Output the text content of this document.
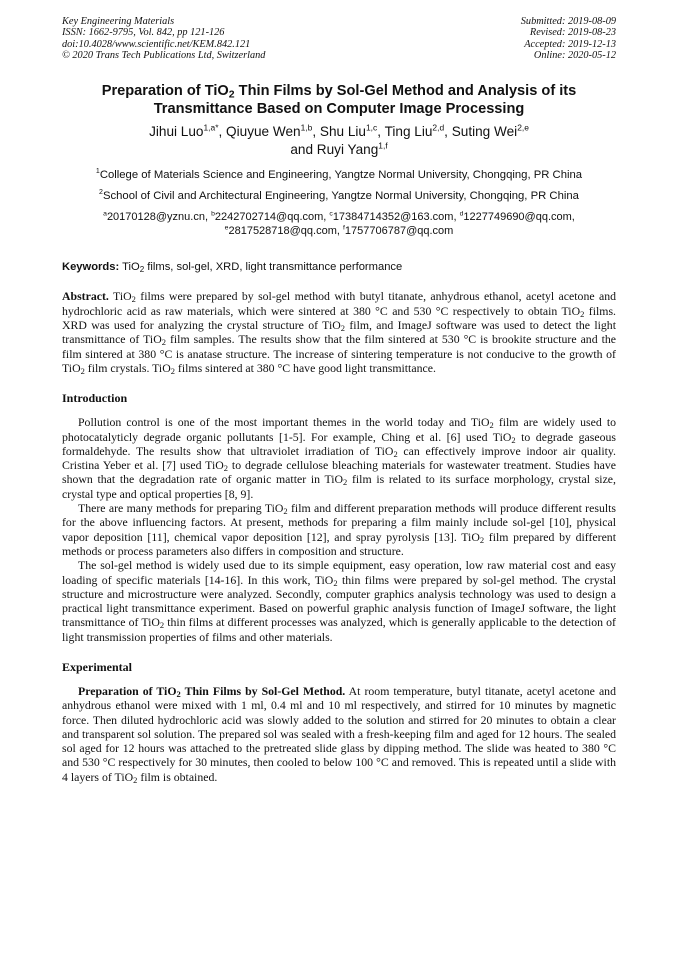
Key Engineering Materials
ISSN: 1662-9795, Vol. 842, pp 121-126
doi:10.4028/www.scientific.net/KEM.842.121
© 2020 Trans Tech Publications Ltd, Switzerland
Submitted: 2019-08-09
Revised: 2019-08-23
Accepted: 2019-12-13
Online: 2020-05-12
Preparation of TiO$_2$ Thin Films by Sol-Gel Method and Analysis of its
Transmittance Based on Computer Image Processing
Jihui Luo$^{1,a*}$, Qiuyue Wen$^{1,b}$, Shu Liu$^{1,c}$, Ting Liu$^{2,d}$, Suting Wei$^{2,e}$
and Ruyi Yang$^{1,f}$
$^1$College of Materials Science and Engineering, Yangtze Normal University, Chongqing, PR China
$^2$School of Civil and Architectural Engineering, Yangtze Normal University, Chongqing, PR China
$^a$20170128@yznu.cn, $^b$2242702714@qq.com, $^c$17384714352@163.com, $^d$1227749690@qq.com,
$^e$2817528718@qq.com, $^f$1757706787@qq.com
Keywords: TiO$_2$ films, sol-gel, XRD, light transmittance performance
Abstract. TiO$_2$ films were prepared by sol-gel method with butyl titanate, anhydrous ethanol, acetyl acetone and hydrochloric acid as raw materials, which were sintered at 380 °C and 530 °C respectively to obtain TiO$_2$ films. XRD was used for analyzing the crystal structure of TiO$_2$ film, and ImageJ software was used to detect the light transmittance of TiO$_2$ film samples. The results show that the film sintered at 530 °C is brookite structure and the film sintered at 380 °C is anatase structure. The increase of sintering temperature is not conducive to the growth of TiO$_2$ film crystals. TiO$_2$ films sintered at 380 °C have good light transmittance.
Introduction

Pollution control is one of the most important themes in the world today and TiO$_2$ film are widely used to photocatalyticly degrade organic pollutants [1-5]. For example, Ching et al. [6] used TiO$_2$ to degrade gaseous formaldehyde. The results show that ultraviolet irradiation of TiO$_2$ can effectively improve indoor air quality. Cristina Yeber et al. [7] used TiO$_2$ to degrade cellulose bleaching materials for wastewater treatment. Studies have shown that the degradation rate of organic matter in TiO$_2$ film is related to its surface morphology, crystal size, crystal type and optical properties [8, 9].

There are many methods for preparing TiO$_2$ film and different preparation methods will produce different results for the above influencing factors. At present, methods for preparing a film mainly include sol-gel [10], physical vapor deposition [11], chemical vapor deposition [12], and spray pyrolysis [13]. TiO$_2$ film prepared by different methods or process parameters also differs in composition and structure.

The sol-gel method is widely used due to its simple equipment, easy operation, low raw material cost and easy loading of specific materials [14-16]. In this work, TiO$_2$ thin films were prepared by sol-gel method. The crystal structure and microstructure were analyzed. Secondly, computer graphics analysis technology was used to design a practical light transmittance experiment. Based on powerful graphic analysis function of ImageJ software, the light transmittance of TiO$_2$ thin films at different processes was analyzed, which is generally applicable to the detection of light transmission properties of films and other materials.

Experimental

Preparation of TiO$_2$ Thin Films by Sol-Gel Method. At room temperature, butyl titanate, acetyl acetone and anhydrous ethanol were mixed with 1 ml, 0.4 ml and 10 ml respectively, and stirred for 10 minutes by magnetic force. Then diluted hydrochloric acid was slowly added to the solution and stirred for 20 minutes to obtain a clear and transparent sol solution. The prepared sol was sealed with a fresh-keeping film and aged for 12 hours. The sealed sol aged for 12 hours was attached to the pretreated slide glass by dipping method. The slide was heated to 380 °C and 530 °C respectively for 30 minutes, then cooled to below 100 °C and removed. This is repeated until a slide with 4 layers of TiO$_2$ film is obtained.
